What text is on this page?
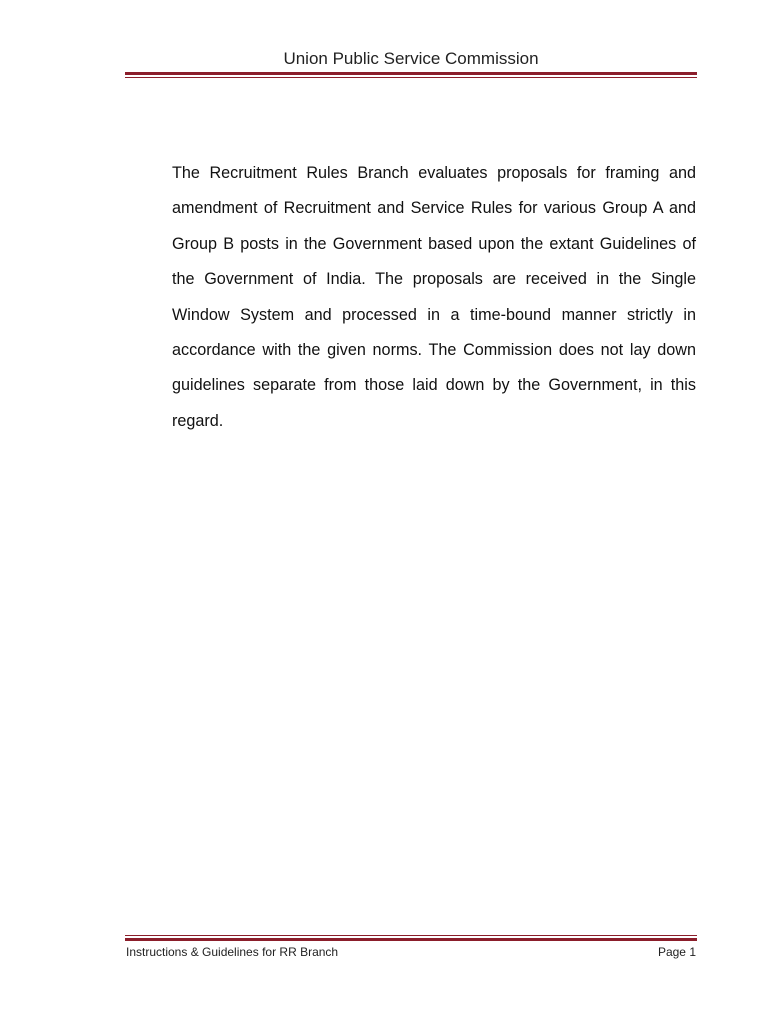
Union Public Service Commission
The Recruitment Rules Branch evaluates proposals for framing and amendment of Recruitment and Service Rules for various Group A and Group B posts in the Government based upon the extant Guidelines of the Government of India. The proposals are received in the Single Window System and processed in a time-bound manner strictly in accordance with the given norms. The Commission does not lay down guidelines separate from those laid down by the Government, in this regard.
Instructions & Guidelines for RR Branch	Page 1
